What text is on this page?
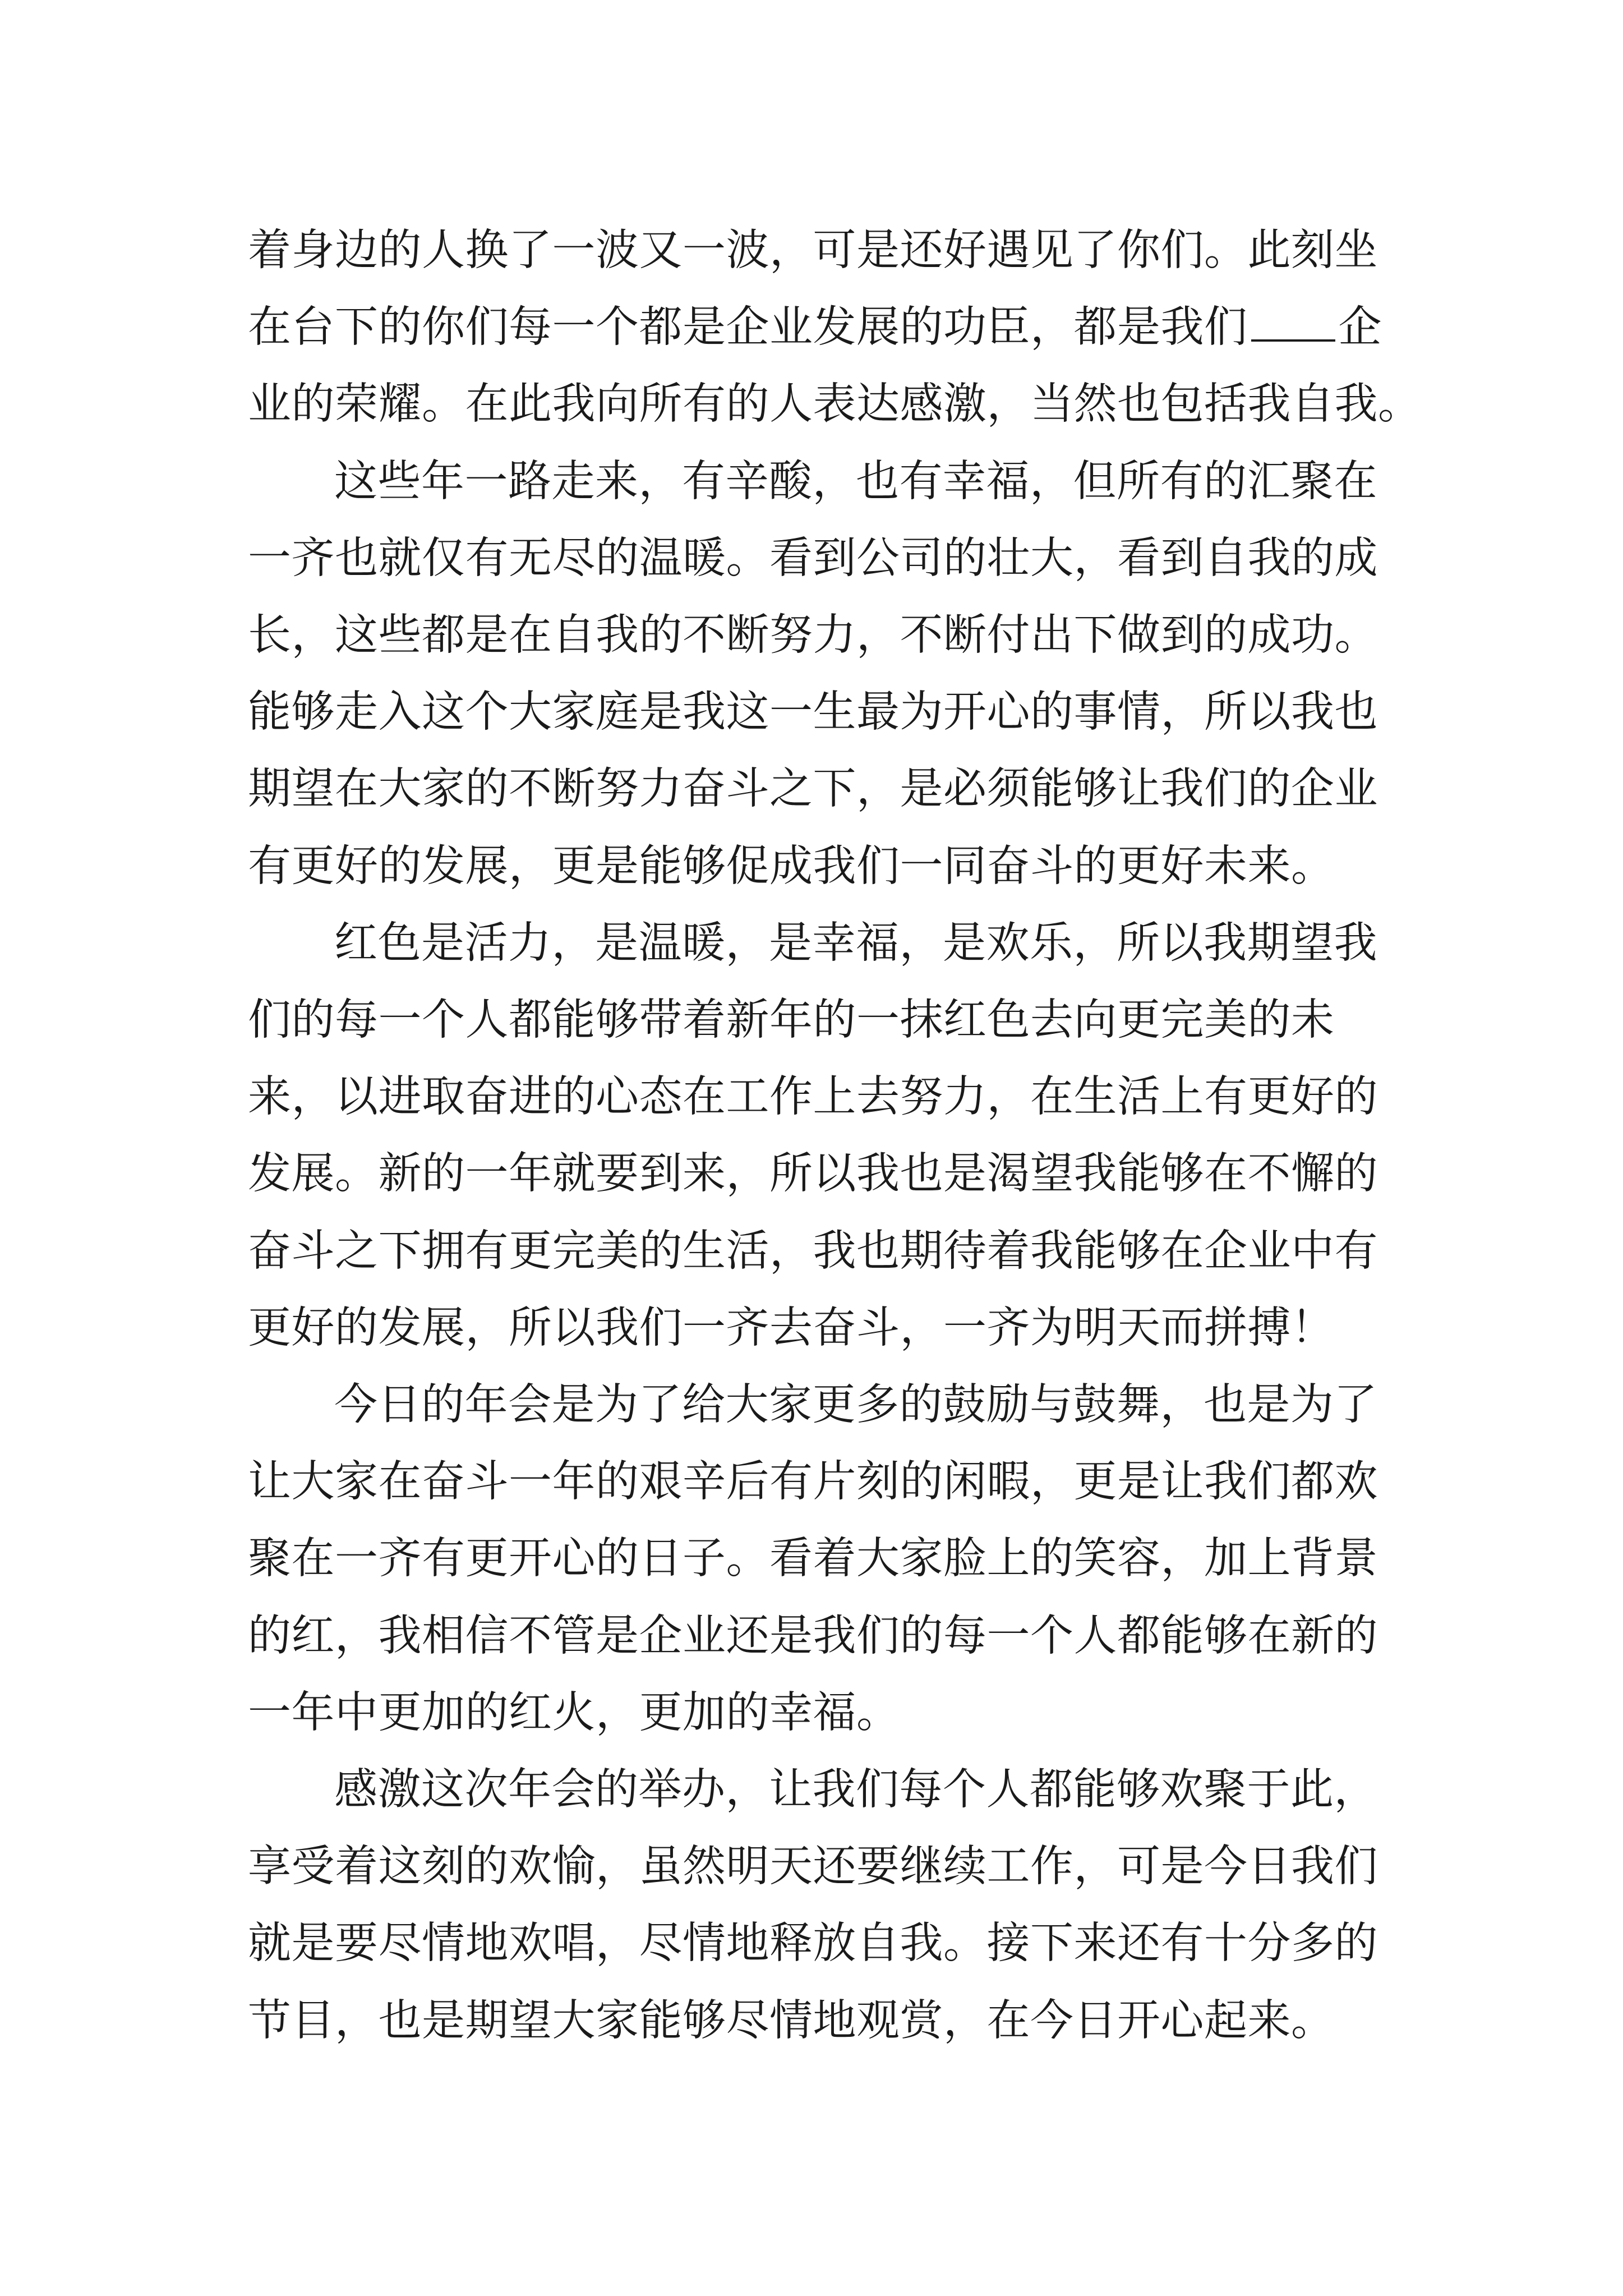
着身边的人换了一波又一波，可是还好遇见了你们。此刻坐
在台下的你们每一个都是企业发展的功臣，都是我们 企
业的荣耀。在此我向所有的人表达感激，当然也包括我自我。

这些年一路走来，有辛酸，也有幸福，但所有的汇聚在
一齐也就仅有无尽的温暖。看到公司的壮大，看到自我的成
长，这些都是在自我的不断努力，不断付出下做到的成功。
能够走入这个大家庭是我这一生最为开心的事情，所以我也
期望在大家的不断努力奋斗之下，是必须能够让我们的企业
有更好的发展，更是能够促成我们一同奋斗的更好未来。

红色是活力，是温暖，是幸福，是欢乐，所以我期望我
们的每一个人都能够带着新年的一抹红色去向更完美的未
来，以进取奋进的心态在工作上去努力，在生活上有更好的
发展。新的一年就要到来，所以我也是渴望我能够在不懈的
奋斗之下拥有更完美的生活，我也期待着我能够在企业中有
更好的发展，所以我们一齐去奋斗，一齐为明天而拼搏！

今日的年会是为了给大家更多的鼓励与鼓舞，也是为了
让大家在奋斗一年的艰辛后有片刻的闲暇，更是让我们都欢
聚在一齐有更开心的日子。看着大家脸上的笑容，加上背景
的红，我相信不管是企业还是我们的每一个人都能够在新的
一年中更加的红火，更加的幸福。

感激这次年会的举办，让我们每个人都能够欢聚于此，
享受着这刻的欢愉，虽然明天还要继续工作，可是今日我们
就是要尽情地欢唱，尽情地释放自我。接下来还有十分多的
节目，也是期望大家能够尽情地观赏，在今日开心起来。
